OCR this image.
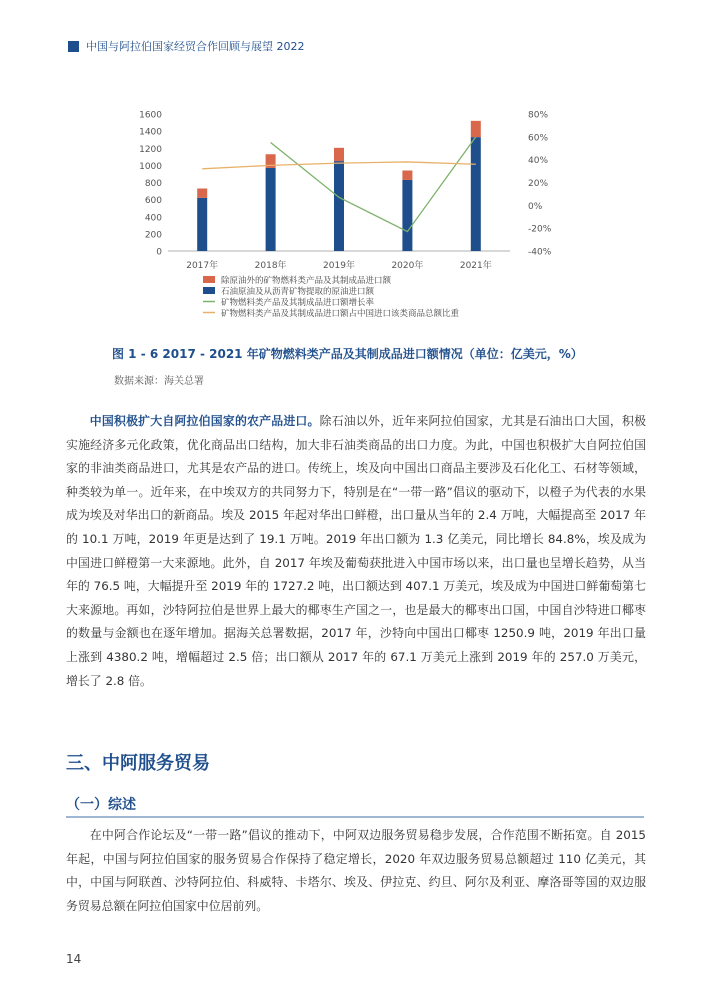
中国与阿拉伯国家经贸合作回顾与展望 2022
0
200
400
600
800
1000
1200
1400
1600	80%
60%
40%
20%
0%
-20%
-40%
2017年	2018年	2019年	2020年	2021年
除原油外的矿物燃料类产品及其制成品进口额
石油原油及从沥青矿物提取的原油进口额
矿物燃料类产品及其制成品进口额增长率
矿物燃料类产品及其制成品进口额占中国进口该类商品总额比重
图 1 - 6 2017 - 2021 年矿物燃料类产品及其制成品进口额情况（单位：亿美元，%）
数据来源：海关总署
中国积极扩大自阿拉伯国家的农产品进口。除石油以外，近年来阿拉伯国家，尤其是石油出口大国，积极实施经济多元化政策，优化商品出口结构，加大非石油类商品的出口力度。为此，中国也积极扩大自阿拉伯国家的非油类商品进口，尤其是农产品的进口。传统上，埃及向中国出口商品主要涉及石化化工、石材等领域，种类较为单一。近年来，在中埃双方的共同努力下，特别是在“一带一路”倡议的驱动下，以橙子为代表的水果成为埃及对华出口的新商品。埃及 2015 年起对华出口鲜橙，出口量从当年的 2.4 万吨，大幅提高至 2017 年的 10.1 万吨，2019 年更是达到了 19.1 万吨。2019 年出口额为 1.3 亿美元，同比增长 84.8%，埃及成为中国进口鲜橙第一大来源地。此外，自 2017 年埃及葡萄获批进入中国市场以来，出口量也呈增长趋势，从当年的 76.5 吨，大幅提升至 2019 年的 1727.2 吨，出口额达到 407.1 万美元，埃及成为中国进口鲜葡萄第七大来源地。再如，沙特阿拉伯是世界上最大的椰枣生产国之一，也是最大的椰枣出口国，中国自沙特进口椰枣的数量与金额也在逐年增加。据海关总署数据，2017 年，沙特向中国出口椰枣 1250.9 吨，2019 年出口量上涨到 4380.2 吨，增幅超过 2.5 倍；出口额从 2017 年的 67.1 万美元上涨到 2019 年的 257.0 万美元，增长了 2.8 倍。
三、中阿服务贸易
（一）综述
在中阿合作论坛及“一带一路”倡议的推动下，中阿双边服务贸易稳步发展，合作范围不断拓宽。自 2015 年起，中国与阿拉伯国家的服务贸易合作保持了稳定增长，2020 年双边服务贸易总额超过 110 亿美元，其中，中国与阿联酋、沙特阿拉伯、科威特、卡塔尔、埃及、伊拉克、约旦、阿尔及利亚、摩洛哥等国的双边服务贸易总额在阿拉伯国家中位居前列。
14
